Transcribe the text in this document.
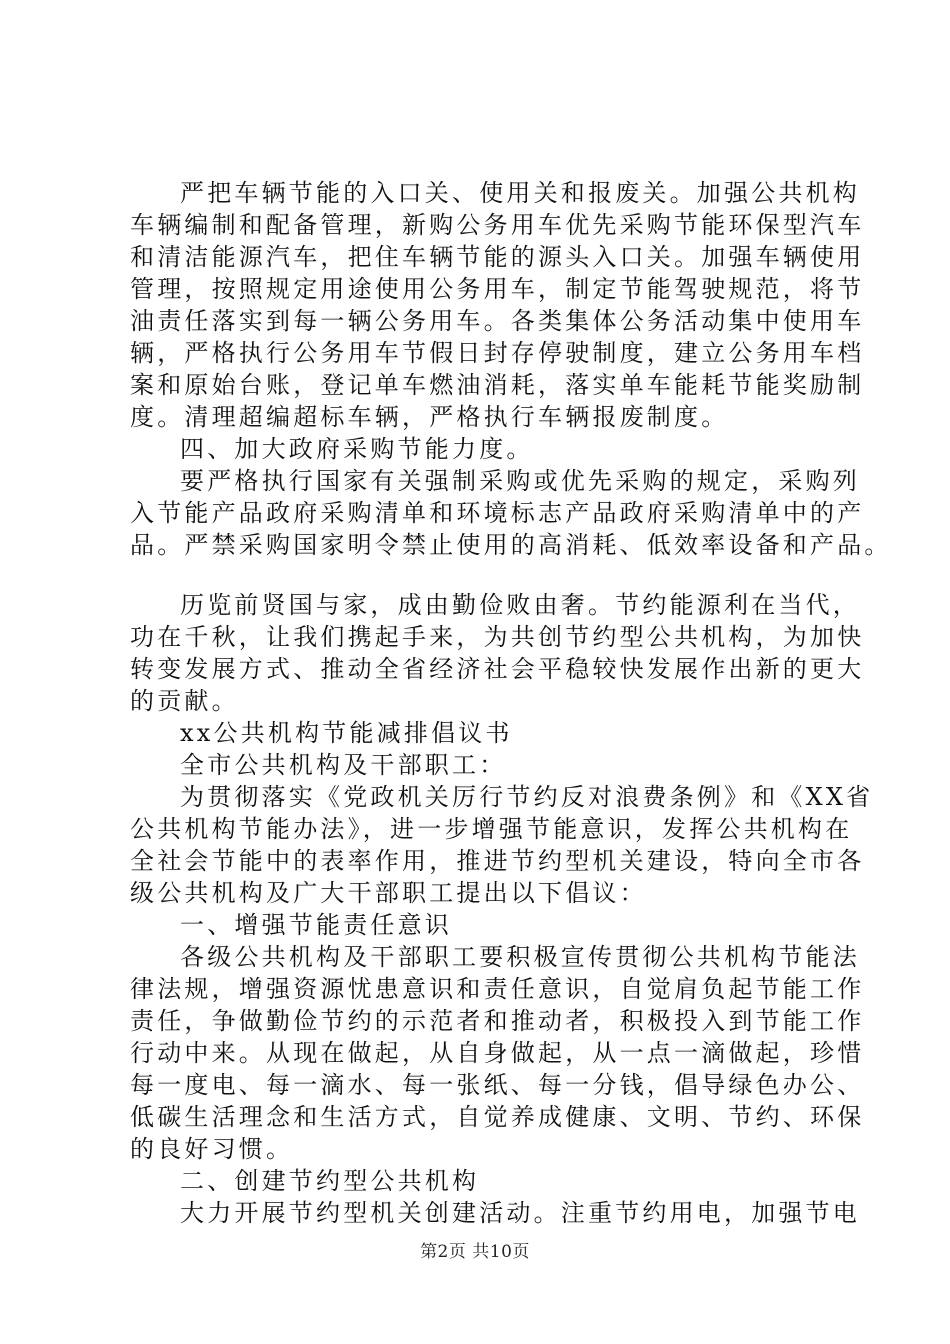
严把车辆节能的入口关、使用关和报废关。加强公共机构
车辆编制和配备管理，新购公务用车优先采购节能环保型汽车
和清洁能源汽车，把住车辆节能的源头入口关。加强车辆使用
管理，按照规定用途使用公务用车，制定节能驾驶规范，将节
油责任落实到每一辆公务用车。各类集体公务活动集中使用车
辆，严格执行公务用车节假日封存停驶制度，建立公务用车档
案和原始台账，登记单车燃油消耗，落实单车能耗节能奖励制
度。清理超编超标车辆，严格执行车辆报废制度。
四、加大政府采购节能力度。
要严格执行国家有关强制采购或优先采购的规定，采购列
入节能产品政府采购清单和环境标志产品政府采购清单中的产
品。严禁采购国家明令禁止使用的高消耗、低效率设备和产品。
历览前贤国与家，成由勤俭败由奢。节约能源利在当代，
功在千秋，让我们携起手来，为共创节约型公共机构，为加快
转变发展方式、推动全省经济社会平稳较快发展作出新的更大
的贡献。
xx公共机构节能减排倡议书
全市公共机构及干部职工：
为贯彻落实《党政机关厉行节约反对浪费条例》和《XX省
公共机构节能办法》，进一步增强节能意识，发挥公共机构在
全社会节能中的表率作用，推进节约型机关建设，特向全市各
级公共机构及广大干部职工提出以下倡议：
一、增强节能责任意识
各级公共机构及干部职工要积极宣传贯彻公共机构节能法
律法规，增强资源忧患意识和责任意识，自觉肩负起节能工作
责任，争做勤俭节约的示范者和推动者，积极投入到节能工作
行动中来。从现在做起，从自身做起，从一点一滴做起，珍惜
每一度电、每一滴水、每一张纸、每一分钱，倡导绿色办公、
低碳生活理念和生活方式，自觉养成健康、文明、节约、环保
的良好习惯。
二、创建节约型公共机构
大力开展节约型机关创建活动。注重节约用电，加强节电
第2页 共10页
